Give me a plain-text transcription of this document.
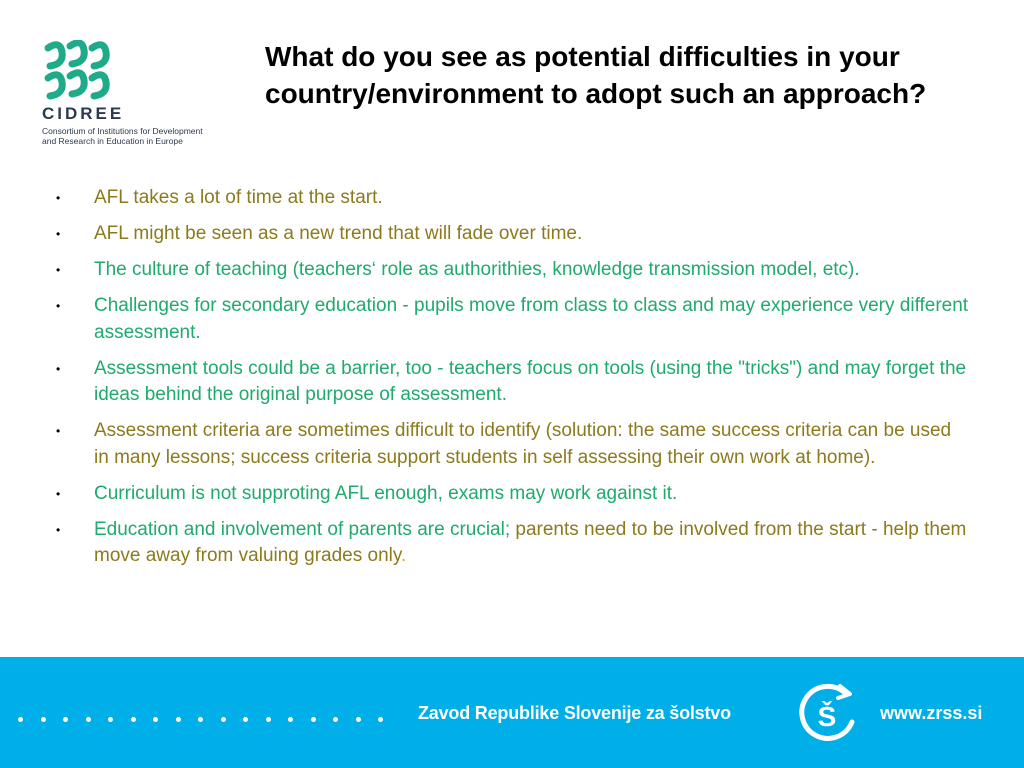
CIDREE
Consortium of Institutions for Development
and Research in Education in Europe
What do you see as potential difficulties in your country/environment to adopt such an approach?
• AFL takes a lot of time at the start.
• AFL might be seen as a new trend that will fade over time.
• The culture of teaching (teachers‘ role as authorithies, knowledge transmission model, etc).
• Challenges for secondary education - pupils move from class to class and may experience very different assessment.
• Assessment tools could be a barrier, too - teachers focus on tools (using the "tricks") and may forget the ideas behind the original purpose of assessment.
• Assessment criteria are sometimes difficult to identify (solution: the same success criteria can be used in many lessons; success criteria support students in self assessing their own work at home).
• Curriculum is not supproting AFL enough, exams may work against it.
• Education and involvement of parents are crucial; parents need to be involved from the start - help them move away from valuing grades only.
Zavod Republike Slovenije za šolstvo	Š www.zrss.si
